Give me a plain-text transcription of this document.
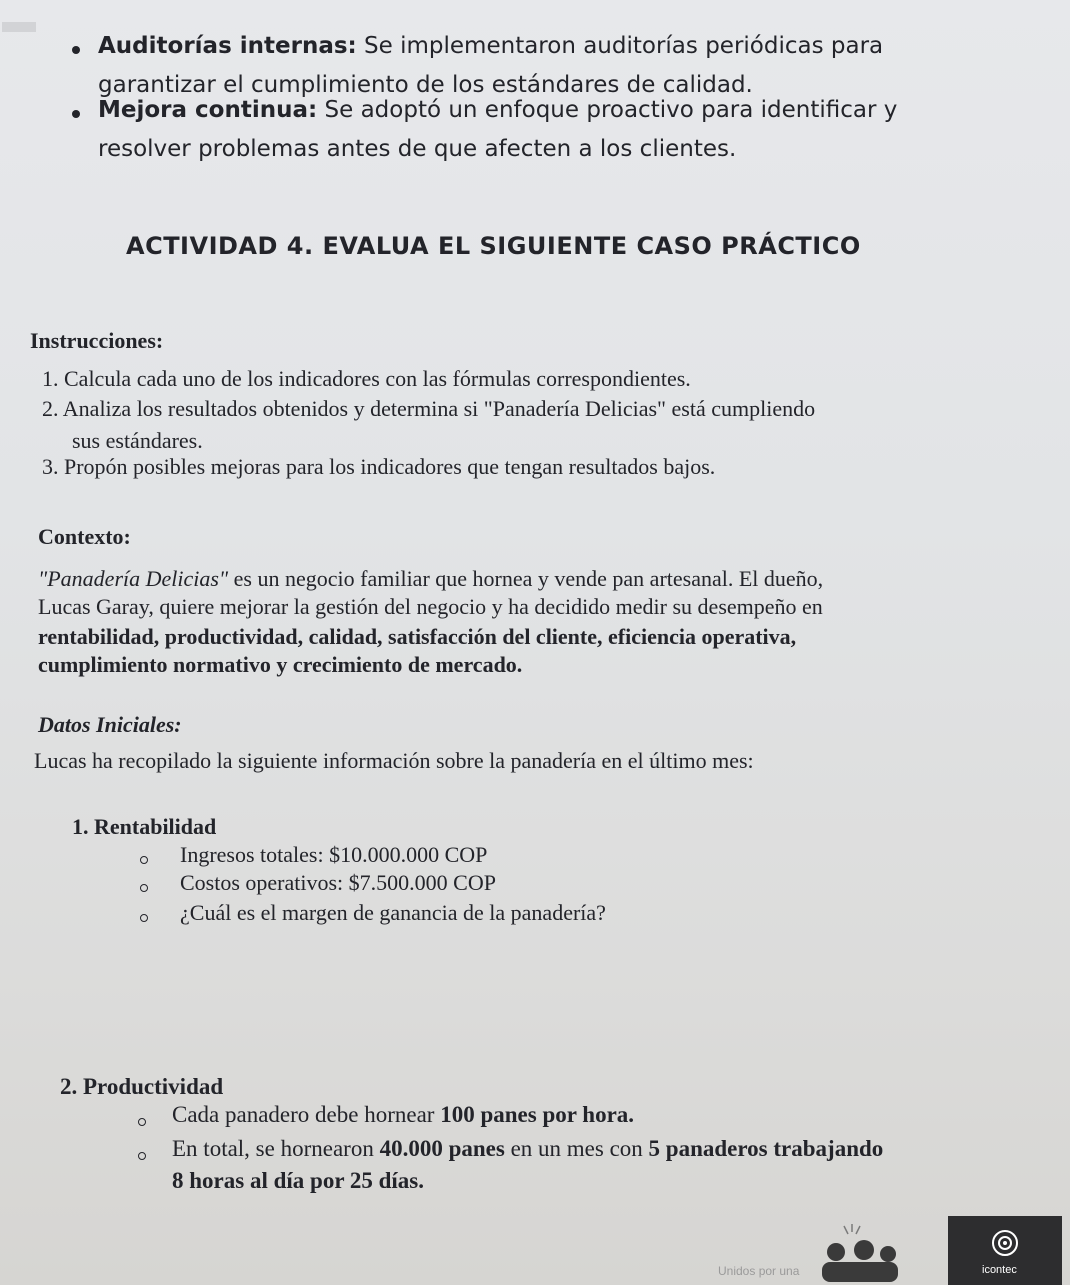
Auditorías internas: Se implementaron auditorías periódicas para
garantizar el cumplimiento de los estándares de calidad.
Mejora continua: Se adoptó un enfoque proactivo para identificar y
resolver problemas antes de que afecten a los clientes.
ACTIVIDAD 4. EVALUA EL SIGUIENTE CASO PRÁCTICO
Instrucciones:
1. Calcula cada uno de los indicadores con las fórmulas correspondientes.
2. Analiza los resultados obtenidos y determina si "Panadería Delicias" está cumpliendo
sus estándares.
3. Propón posibles mejoras para los indicadores que tengan resultados bajos.
Contexto:
"Panadería Delicias" es un negocio familiar que hornea y vende pan artesanal. El dueño,
Lucas Garay, quiere mejorar la gestión del negocio y ha decidido medir su desempeño en
rentabilidad, productividad, calidad, satisfacción del cliente, eficiencia operativa,
cumplimiento normativo y crecimiento de mercado.
Datos Iniciales:
Lucas ha recopilado la siguiente información sobre la panadería en el último mes:
1. Rentabilidad
Ingresos totales: $10.000.000 COP
Costos operativos: $7.500.000 COP
¿Cuál es el margen de ganancia de la panadería?
2. Productividad
Cada panadero debe hornear 100 panes por hora.
En total, se hornearon 40.000 panes en un mes con 5 panaderos trabajando
8 horas al día por 25 días.
Unidos por una	icontec
